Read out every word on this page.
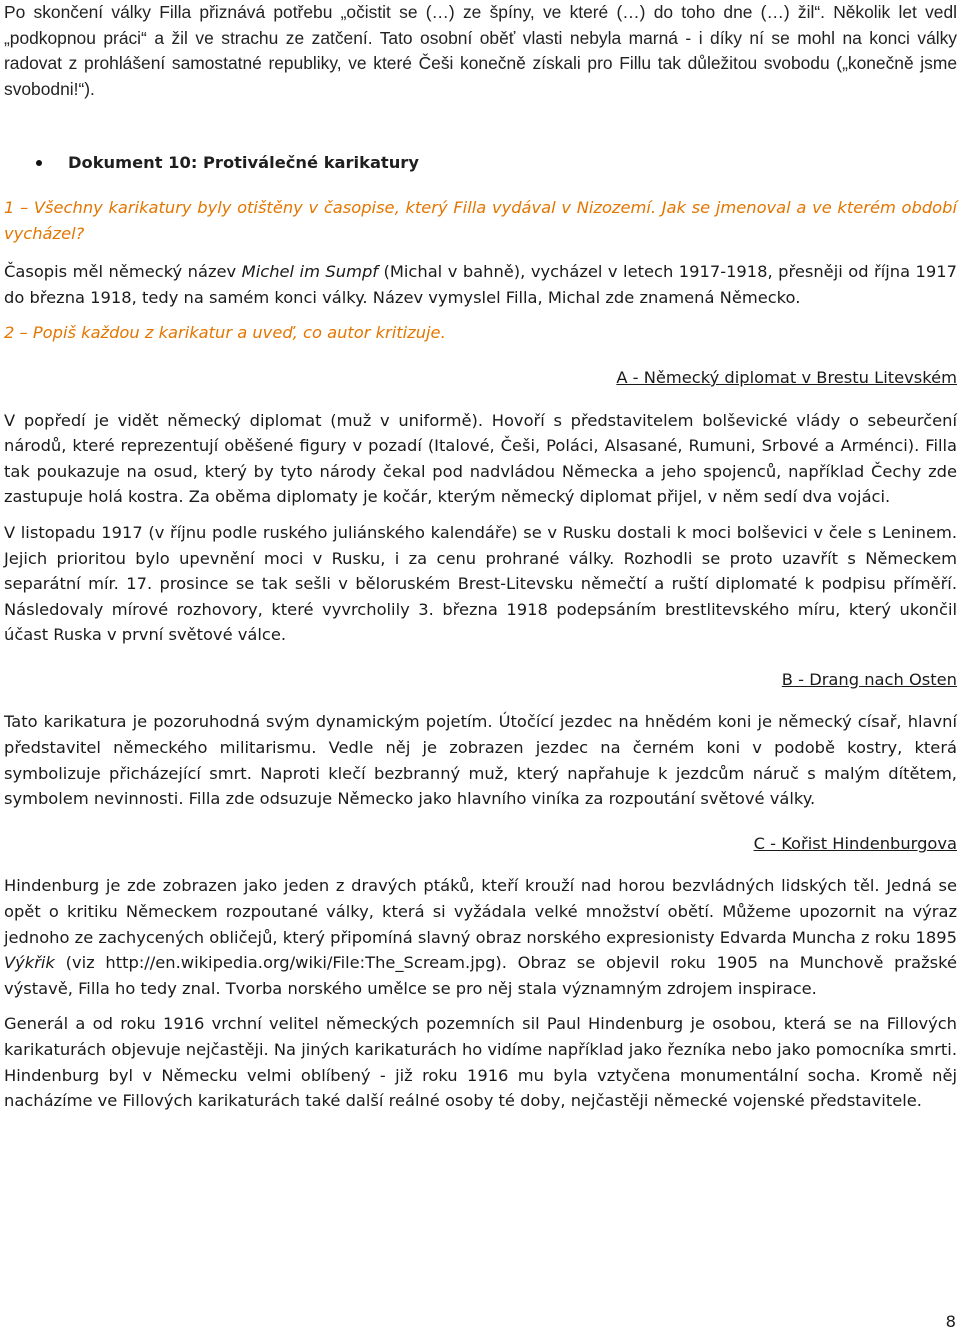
Po skončení války Filla přiznává potřebu „očistit se (…) ze špíny, ve které (…) do toho dne (…) žil“. Několik let vedl „podkopnou práci“ a žil ve strachu ze zatčení. Tato osobní oběť vlasti nebyla marná - i díky ní se mohl na konci války radovat z prohlášení samostatné republiky, ve které Češi konečně získali pro Fillu tak důležitou svobodu („konečně jsme svobodni!“).

Dokument 10: Protiválečné karikatury

1 – Všechny karikatury byly otištěny v časopise, který Filla vydával v Nizozemí. Jak se jmenoval a ve kterém období vycházel?

Časopis měl německý název Michel im Sumpf (Michal v bahně), vycházel v letech 1917-1918, přesněji od října 1917 do března 1918, tedy na samém konci války. Název vymyslel Filla, Michal zde znamená Německo.

2 – Popiš každou z karikatur a uveď, co autor kritizuje.

A - Německý diplomat v Brestu Litevském

V popředí je vidět německý diplomat (muž v uniformě). Hovoří s představitelem bolševické vlády o sebeurčení národů, které reprezentují oběšené figury v pozadí (Italové, Češi, Poláci, Alsasané, Rumuni, Srbové a Arménci). Filla tak poukazuje na osud, který by tyto národy čekal pod nadvládou Německa a jeho spojenců, například Čechy zde zastupuje holá kostra. Za oběma diplomaty je kočár, kterým německý diplomat přijel, v něm sedí dva vojáci.

V listopadu 1917 (v říjnu podle ruského juliánského kalendáře) se v Rusku dostali k moci bolševici v čele s Leninem. Jejich prioritou bylo upevnění moci v Rusku, i za cenu prohrané války. Rozhodli se proto uzavřít s Německem separátní mír. 17. prosince se tak sešli v běloruském Brest-Litevsku němečtí a ruští diplomaté k podpisu příměří. Následovaly mírové rozhovory, které vyvrcholily 3. března 1918 podepsáním brestlitevského míru, který ukončil účast Ruska v první světové válce.

B - Drang nach Osten

Tato karikatura je pozoruhodná svým dynamickým pojetím. Útočící jezdec na hnědém koni je německý císař, hlavní představitel německého militarismu. Vedle něj je zobrazen jezdec na černém koni v podobě kostry, která symbolizuje přicházející smrt. Naproti klečí bezbranný muž, který napřahuje k jezdcům náruč s malým dítětem, symbolem nevinnosti. Filla zde odsuzuje Německo jako hlavního viníka za rozpoutání světové války.

C - Kořist Hindenburgova

Hindenburg je zde zobrazen jako jeden z dravých ptáků, kteří krouží nad horou bezvládných lidských těl. Jedná se opět o kritiku Německem rozpoutané války, která si vyžádala velké množství obětí. Můžeme upozornit na výraz jednoho ze zachycených obličejů, který připomíná slavný obraz norského expresionisty Edvarda Muncha z roku 1895 Výkřik (viz http://en.wikipedia.org/wiki/File:The_Scream.jpg). Obraz se objevil roku 1905 na Munchově pražské výstavě, Filla ho tedy znal. Tvorba norského umělce se pro něj stala významným zdrojem inspirace.

Generál a od roku 1916 vrchní velitel německých pozemních sil Paul Hindenburg je osobou, která se na Fillových karikaturách objevuje nejčastěji. Na jiných karikaturách ho vidíme například jako řezníka nebo jako pomocníka smrti. Hindenburg byl v Německu velmi oblíbený - již roku 1916 mu byla vztyčena monumentální socha. Kromě něj nacházíme ve Fillových karikaturách také další reálné osoby té doby, nejčastěji německé vojenské představitele.

8
